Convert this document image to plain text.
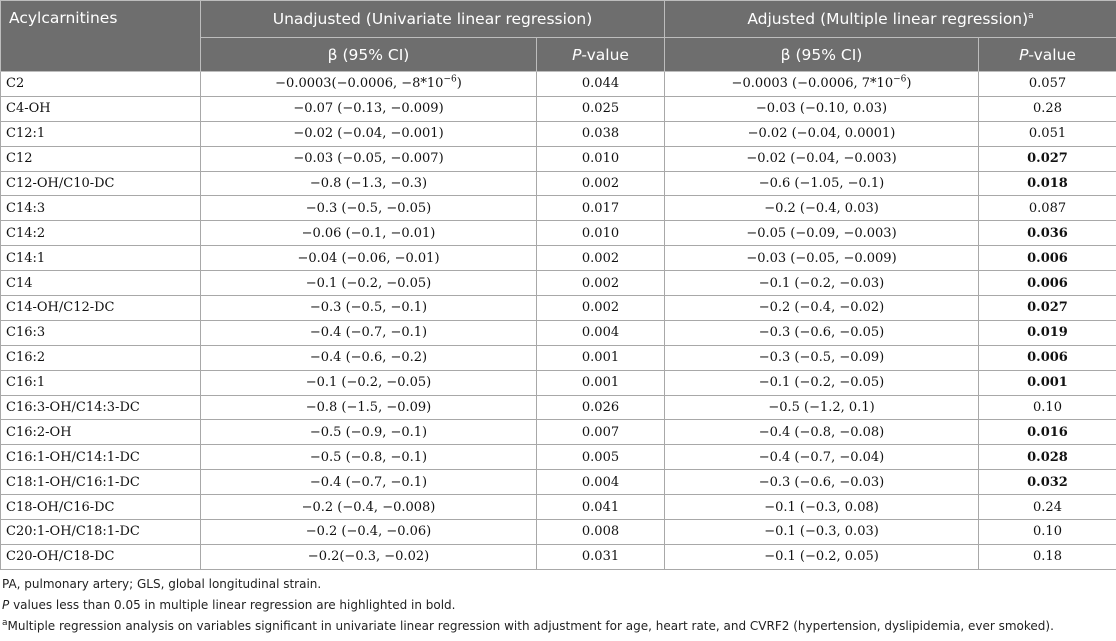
Acylcarnitines	Unadjusted (Univariate linear regression)		Adjusted (Multiple linear regression)$^a$
	β (95% CI)	P-value	β (95% CI)	P-value
C2	−0.0003(−0.0006, $-8*10^{-6}$)	0.044	−0.0003 (−0.0006, $7*10^{-6}$)	0.057
C4-OH	−0.07 (−0.13, −0.009)	0.025	−0.03 (−0.10, 0.03)	0.28
C12:1	−0.02 (−0.04, −0.001)	0.038	−0.02 (−0.04, 0.0001)	0.051
C12	−0.03 (−0.05, −0.007)	0.010	−0.02 (−0.04, −0.003)	0.027
C12-OH/C10-DC	−0.8 (−1.3, −0.3)	0.002	−0.6 (−1.05, −0.1)	0.018
C14:3	−0.3 (−0.5, −0.05)	0.017	−0.2 (−0.4, 0.03)	0.087
C14:2	−0.06 (−0.1, −0.01)	0.010	−0.05 (−0.09, −0.003)	0.036
C14:1	−0.04 (−0.06, −0.01)	0.002	−0.03 (−0.05, −0.009)	0.006
C14	−0.1 (−0.2, −0.05)	0.002	−0.1 (−0.2, −0.03)	0.006
C14-OH/C12-DC	−0.3 (−0.5, −0.1)	0.002	−0.2 (−0.4, −0.02)	0.027
C16:3	−0.4 (−0.7, −0.1)	0.004	−0.3 (−0.6, −0.05)	0.019
C16:2	−0.4 (−0.6, −0.2)	0.001	−0.3 (−0.5, −0.09)	0.006
C16:1	−0.1 (−0.2, −0.05)	0.001	−0.1 (−0.2, −0.05)	0.001
C16:3-OH/C14:3-DC	−0.8 (−1.5, −0.09)	0.026	−0.5 (−1.2, 0.1)	0.10
C16:2-OH	−0.5 (−0.9, −0.1)	0.007	−0.4 (−0.8, −0.08)	0.016
C16:1-OH/C14:1-DC	−0.5 (−0.8, −0.1)	0.005	−0.4 (−0.7, −0.04)	0.028
C18:1-OH/C16:1-DC	−0.4 (−0.7, −0.1)	0.004	−0.3 (−0.6, −0.03)	0.032
C18-OH/C16-DC	−0.2 (−0.4, −0.008)	0.041	−0.1 (−0.3, 0.08)	0.24
C20:1-OH/C18:1-DC	−0.2 (−0.4, −0.06)	0.008	−0.1 (−0.3, 0.03)	0.10
C20-OH/C18-DC	−0.2(−0.3, −0.02)	0.031	−0.1 (−0.2, 0.05)	0.18

PA, pulmonary artery; GLS, global longitudinal strain.

P values less than 0.05 in multiple linear regression are highlighted in bold.

$^a$Multiple regression analysis on variables significant in univariate linear regression with adjustment for age, heart rate, and CVRF2 (hypertension, dyslipidemia, ever smoked).
